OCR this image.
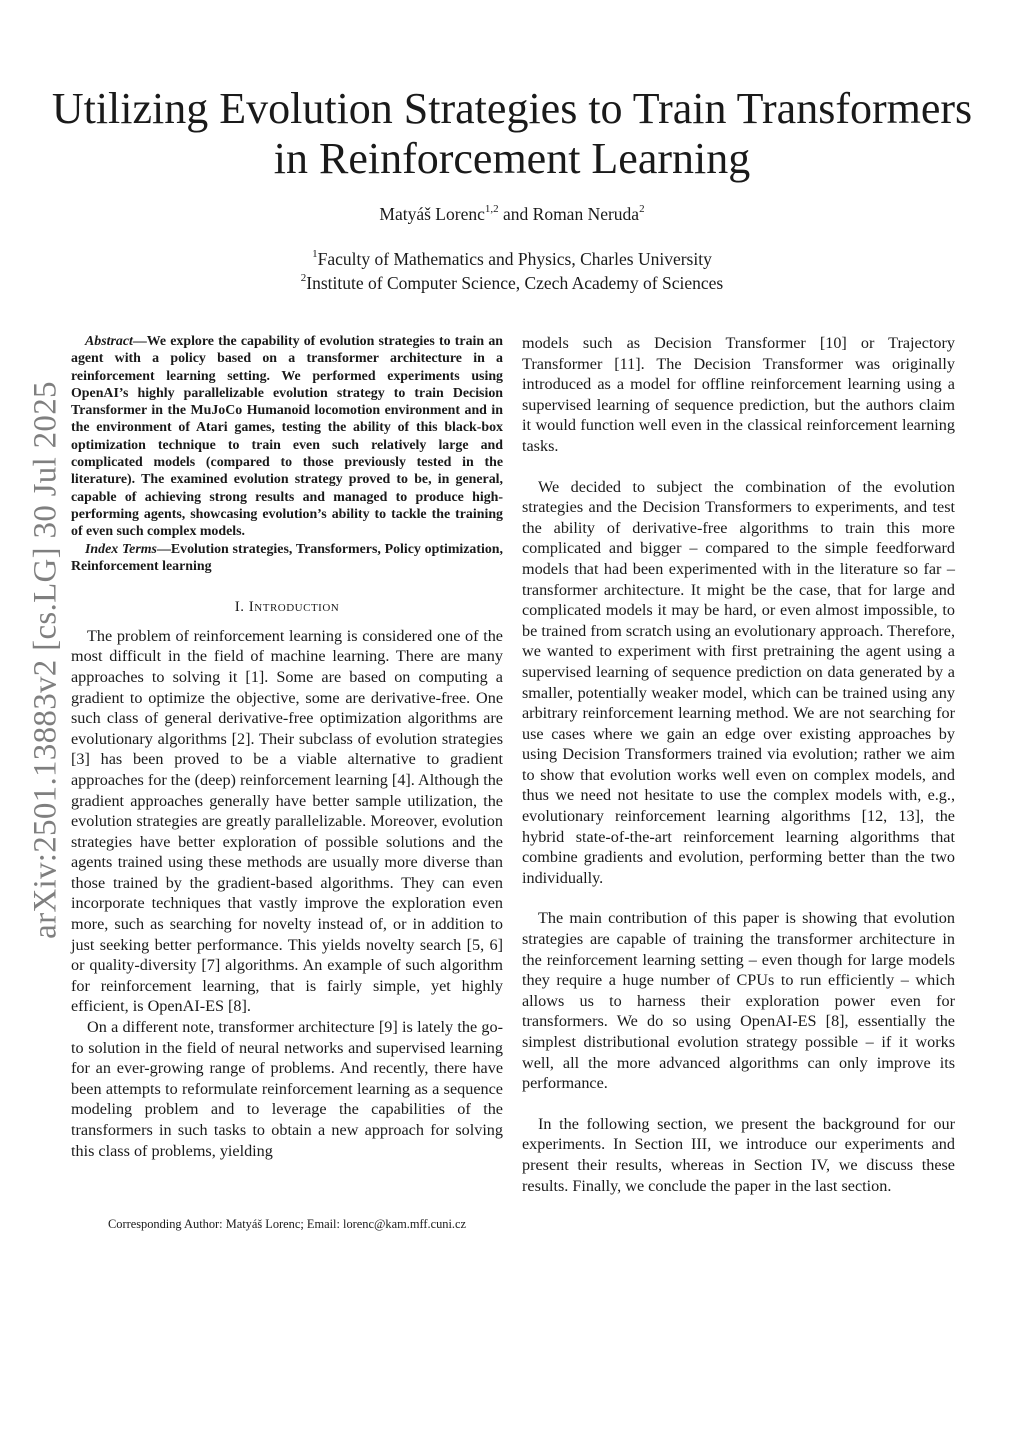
arXiv:2501.13883v2 [cs.LG] 30 Jul 2025
Utilizing Evolution Strategies to Train Transformers
in Reinforcement Learning
Matyáš Lorenc$^{1,2}$ and Roman Neruda$^2$
$^1$Faculty of Mathematics and Physics, Charles University
$^2$Institute of Computer Science, Czech Academy of Sciences

Abstract—We explore the capability of evolution strategies to train an agent with a policy based on a transformer architecture in a reinforcement learning setting. We performed experiments using OpenAI’s highly parallelizable evolution strategy to train Decision Transformer in the MuJoCo Humanoid locomotion environment and in the environment of Atari games, testing the ability of this black-box optimization technique to train even such relatively large and complicated models (compared to those previously tested in the literature). The examined evolution strategy proved to be, in general, capable of achieving strong results and managed to produce high-performing agents, showcasing evolution’s ability to tackle the training of even such complex models.

Index Terms—Evolution strategies, Transformers, Policy optimization, Reinforcement learning

I. Introduction

The problem of reinforcement learning is considered one of the most difficult in the field of machine learning. There are many approaches to solving it [1]. Some are based on computing a gradient to optimize the objective, some are derivative-free. One such class of general derivative-free optimization algorithms are evolutionary algorithms [2]. Their subclass of evolution strategies [3] has been proved to be a viable alternative to gradient approaches for the (deep) reinforcement learning [4]. Although the gradient approaches generally have better sample utilization, the evolution strategies are greatly parallelizable. Moreover, evolution strategies have better exploration of possible solutions and the agents trained using these methods are usually more diverse than those trained by the gradient-based algorithms. They can even incorporate techniques that vastly improve the exploration even more, such as searching for novelty instead of, or in addition to just seeking better performance. This yields novelty search [5, 6] or quality-diversity [7] algorithms. An example of such algorithm for reinforcement learning, that is fairly simple, yet highly efficient, is OpenAI-ES [8].

On a different note, transformer architecture [9] is lately the go-to solution in the field of neural networks and supervised learning for an ever-growing range of problems. And recently, there have been attempts to reformulate reinforcement learning as a sequence modeling problem and to leverage the capabilities of the transformers in such tasks to obtain a new approach for solving this class of problems, yielding

Corresponding Author: Matyáš Lorenc; Email: lorenc@kam.mff.cuni.cz

models such as Decision Transformer [10] or Trajectory Transformer [11]. The Decision Transformer was originally introduced as a model for offline reinforcement learning using a supervised learning of sequence prediction, but the authors claim it would function well even in the classical reinforcement learning tasks.

We decided to subject the combination of the evolution strategies and the Decision Transformers to experiments, and test the ability of derivative-free algorithms to train this more complicated and bigger – compared to the simple feedforward models that had been experimented with in the literature so far – transformer architecture. It might be the case, that for large and complicated models it may be hard, or even almost impossible, to be trained from scratch using an evolutionary approach. Therefore, we wanted to experiment with first pretraining the agent using a supervised learning of sequence prediction on data generated by a smaller, potentially weaker model, which can be trained using any arbitrary reinforcement learning method. We are not searching for use cases where we gain an edge over existing approaches by using Decision Transformers trained via evolution; rather we aim to show that evolution works well even on complex models, and thus we need not hesitate to use the complex models with, e.g., evolutionary reinforcement learning algorithms [12, 13], the hybrid state-of-the-art reinforcement learning algorithms that combine gradients and evolution, performing better than the two individually.

The main contribution of this paper is showing that evolution strategies are capable of training the transformer architecture in the reinforcement learning setting – even though for large models they require a huge number of CPUs to run efficiently – which allows us to harness their exploration power even for transformers. We do so using OpenAI-ES [8], essentially the simplest distributional evolution strategy possible – if it works well, all the more advanced algorithms can only improve its performance.

In the following section, we present the background for our experiments. In Section III, we introduce our experiments and present their results, whereas in Section IV, we discuss these results. Finally, we conclude the paper in the last section.
